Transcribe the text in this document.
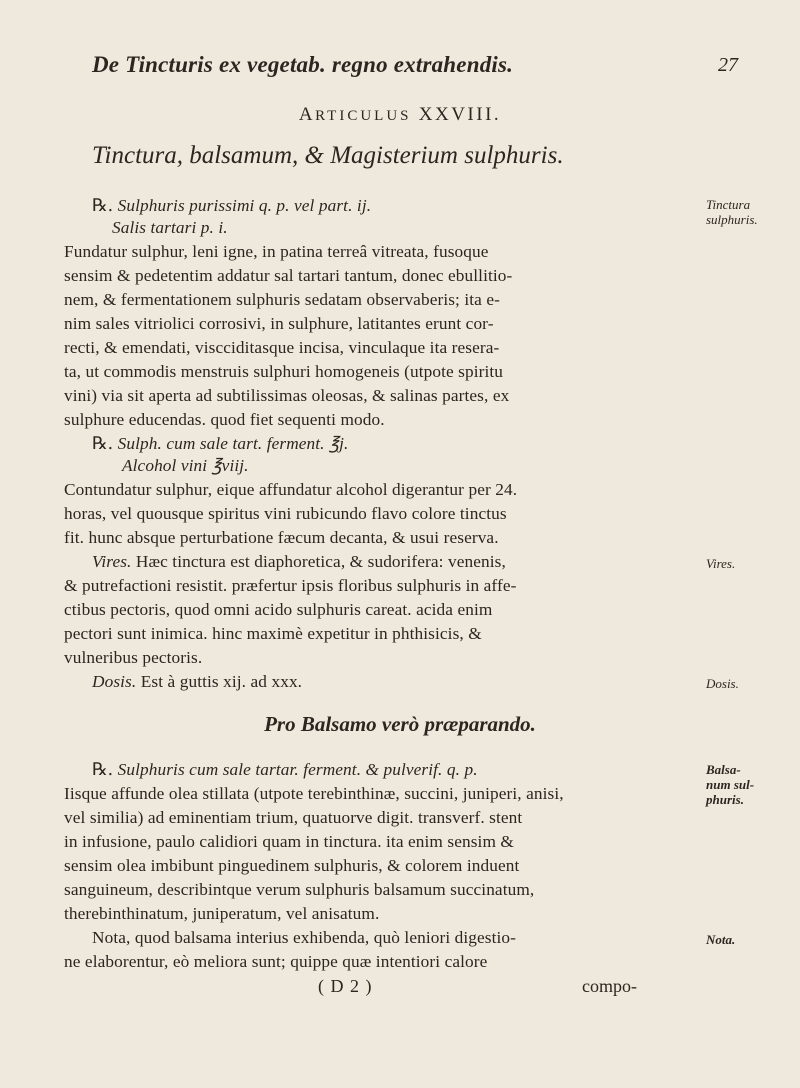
De Tincturis ex vegetab. regno extrahendis.	27
ARTICULUS XXVIII.
Tinctura, balsamum, & Magisterium sulphuris.
℞. Sulphuris purissimi q. p. vel part. ij.
Salis tartari p. i.
Fundatur sulphur, leni igne, in patina terreâ vitreata, fusoque
sensim & pedetentim addatur sal tartari tantum, donec ebullitio-
nem, & fermentationem sulphuris sedatam observaberis; ita e-
nim sales vitriolici corrosivi, in sulphure, latitantes erunt cor-
recti, & emendati, viscciditasque incisa, vinculaque ita resera-
ta, ut commodis menstruis sulphuri homogeneis (utpote spiritu
vini) via sit aperta ad subtilissimas oleosas, & salinas partes, ex
sulphure educendas. quod fiet sequenti modo.
℞. Sulph. cum sale tart. ferment. ℥j.
Alcohol vini ℥viij.
Contundatur sulphur, eique affundatur alcohol digerantur per 24.
horas, vel quousque spiritus vini rubicundo flavo colore tinctus
fit. hunc absque perturbatione fæcum decanta, & usui reserva.
Vires. Hæc tinctura est diaphoretica, & sudorifera: venenis,
& putrefactioni resistit. præfertur ipsis floribus sulphuris in affe-
ctibus pectoris, quod omni acido sulphuris careat. acida enim
pectori sunt inimica. hinc maximè expetitur in phthisicis, &
vulneribus pectoris.
Dosis. Est à guttis xij. ad xxx.
Pro Balsamo verò præparando.
℞. Sulphuris cum sale tartar. ferment. & pulverif. q. p.
Iisque affunde olea stillata (utpote terebinthinæ, succini, juniperi, anisi,
vel similia) ad eminentiam trium, quatuorve digit. transverf. stent
in infusione, paulo calidiori quam in tinctura. ita enim sensim &
sensim olea imbibunt pinguedinem sulphuris, & colorem induent
sanguineum, describintque verum sulphuris balsamum succinatum,
therebinthinatum, juniperatum, vel anisatum.
Nota, quod balsama interius exhibenda, quò leniori digestio-
ne elaborentur, eò meliora sunt; quippe quæ intentiori calore
Tinctura sulphuris.
Vires.
Dosis.
Balsa- num sul- phuris.
Nota.
( D 2 )	compo-
